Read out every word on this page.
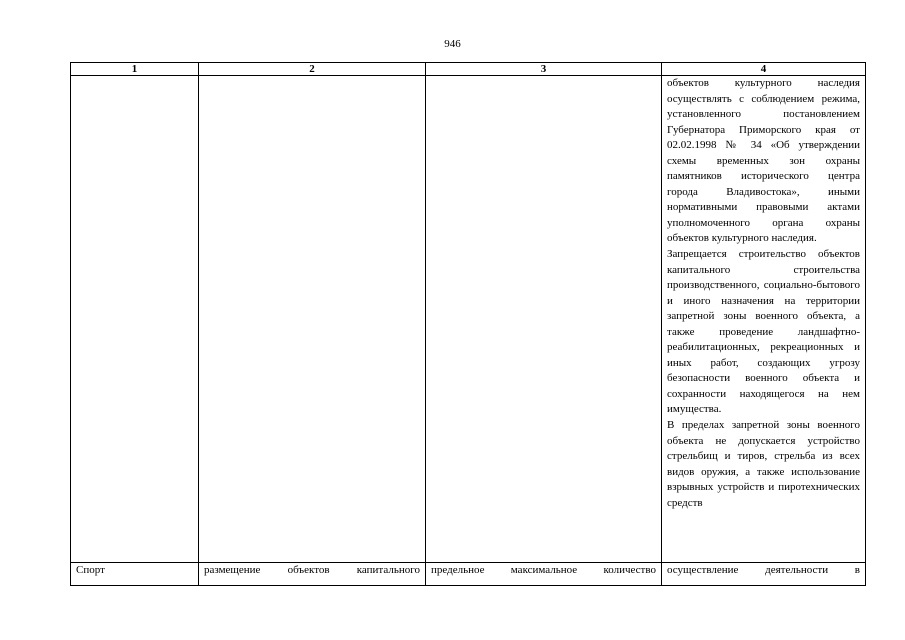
946
1	2	3	4

			объектов культурного наследия осуществлять с соблюдением режима, установленного постановлением Губернатора Приморского края от 02.02.1998 № 34 «Об утверждении схемы временных зон охраны памятников исторического центра города Владивостока», иными нормативными правовыми актами уполномоченного органа охраны объектов культурного наследия.

Запрещается строительство объектов капитального строительства производственного, социально-бытового и иного назначения на территории запретной зоны военного объекта, а также проведение ландшафтно-реабилитационных, рекреационных и иных работ, создающих угрозу безопасности военного объекта и сохранности находящегося на нем имущества.

В пределах запретной зоны военного объекта не допускается устройство стрельбищ и тиров, стрельба из всех видов оружия, а также использование взрывных устройств и пиротехнических средств

Спорт	размещение объектов капитального	предельное максимальное количество	осуществление деятельности в
